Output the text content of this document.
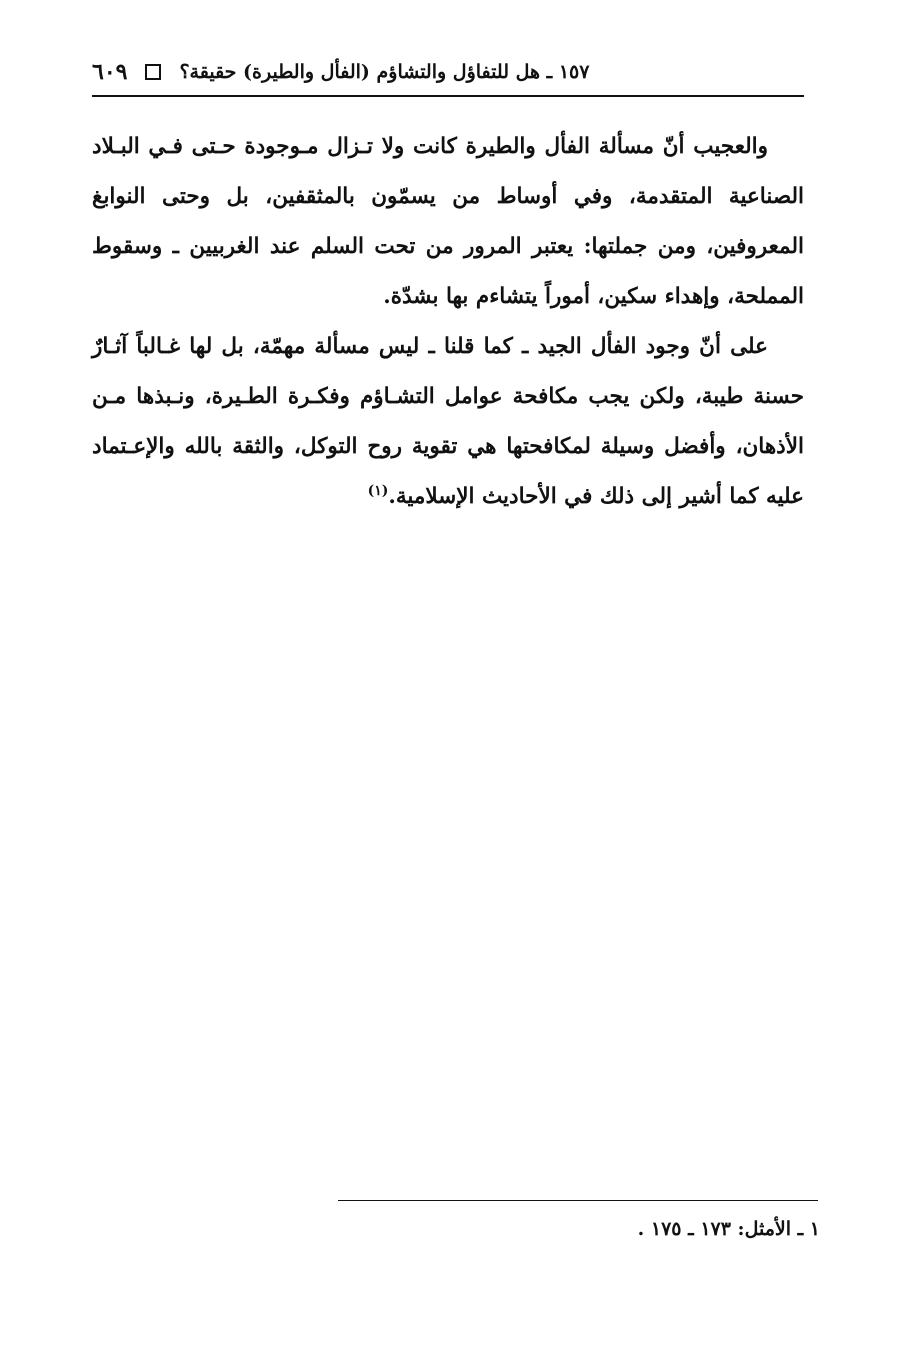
٦٠٩	١٥٧ ـ هل للتفاؤل والتشاؤم (الفأل والطيرة) حقيقة؟

والعجيب أنّ مسألة الفأل والطيرة كانت ولا تـزال مـوجودة حـتى فـي البـلاد الصناعية المتقدمة، وفي أوساط من يسمّون بالمثقفين، بل وحتى النوابغ المعروفين، ومن جملتها: يعتبر المرور من تحت السلم عند الغربيين ـ وسقوط المملحة، وإهداء سكين، أموراً يتشاءم بها بشدّة.

على أنّ وجود الفأل الجيد ـ كما قلنا ـ ليس مسألة مهمّة، بل لها غـالباً آثـارٌ حسنة طيبة، ولكن يجب مكافحة عوامل التشـاؤم وفكـرة الطـيرة، ونـبذها مـن الأذهان، وأفضل وسيلة لمكافحتها هي تقوية روح التوكل، والثقة بالله والإعـتماد عليه كما أشير إلى ذلك في الأحاديث الإسلامية.$^{(١)}$

١ ـ الأمثل: ١٧٣ ـ ١٧٥ .
